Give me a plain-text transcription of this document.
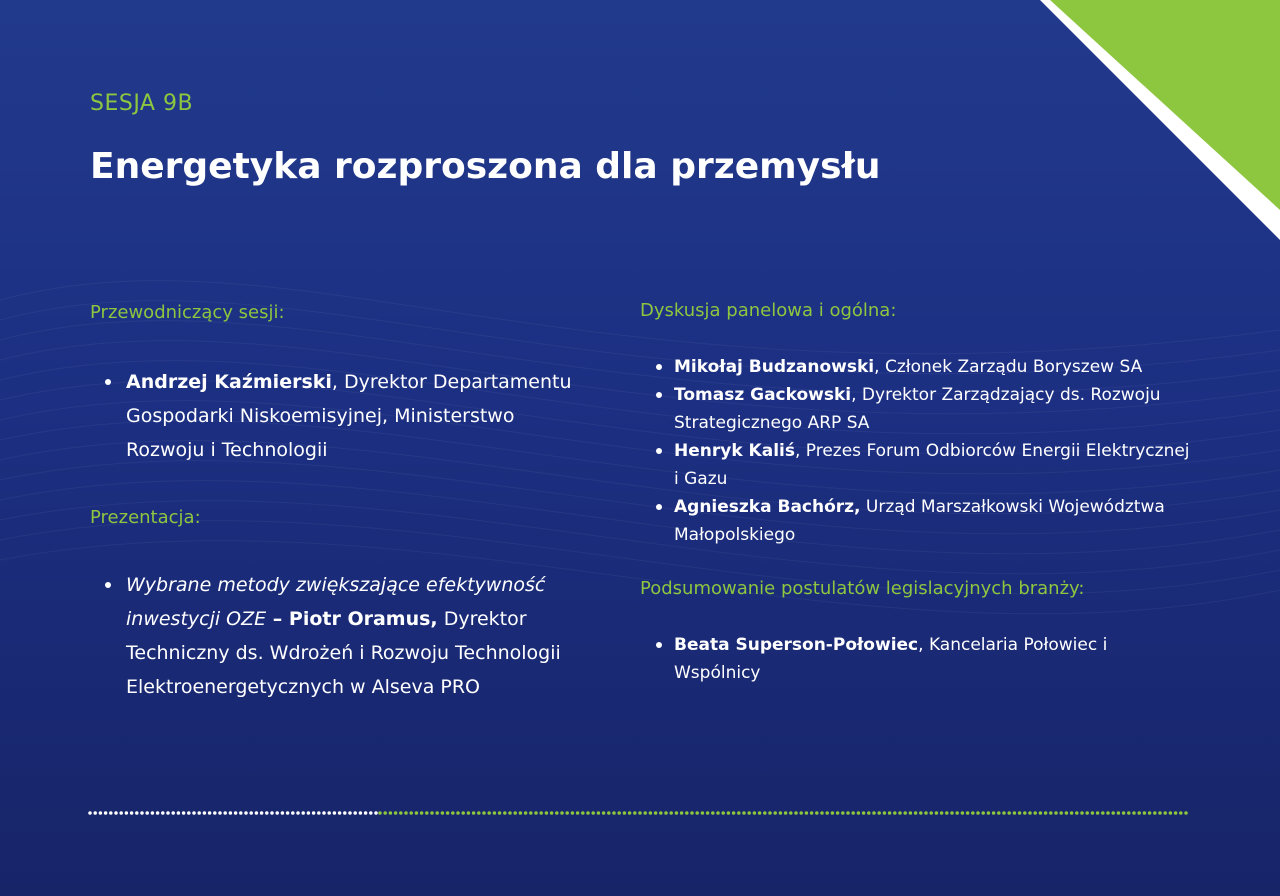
SESJA 9B
Energetyka rozproszona dla przemysłu
Przewodniczący sesji:
Andrzej Kaźmierski, Dyrektor Departamentu Gospodarki Niskoemisyjnej, Ministerstwo Rozwoju i Technologii
Prezentacja:
Wybrane metody zwiększające efektywność inwestycji OZE – Piotr Oramus, Dyrektor Techniczny ds. Wdrożeń i Rozwoju Technologii Elektroenergetycznych w Alseva PRO
Dyskusja panelowa i ogólna:
Mikołaj Budzanowski, Członek Zarządu Boryszew SA
Tomasz Gackowski, Dyrektor Zarządzający ds. Rozwoju Strategicznego ARP SA
Henryk Kaliś, Prezes Forum Odbiorców Energii Elektrycznej i Gazu
Agnieszka Bachórz, Urząd Marszałkowski Województwa Małopolskiego
Podsumowanie postulatów legislacyjnych branży:
Beata Superson-Połowiec, Kancelaria Połowiec i Wspólnicy
